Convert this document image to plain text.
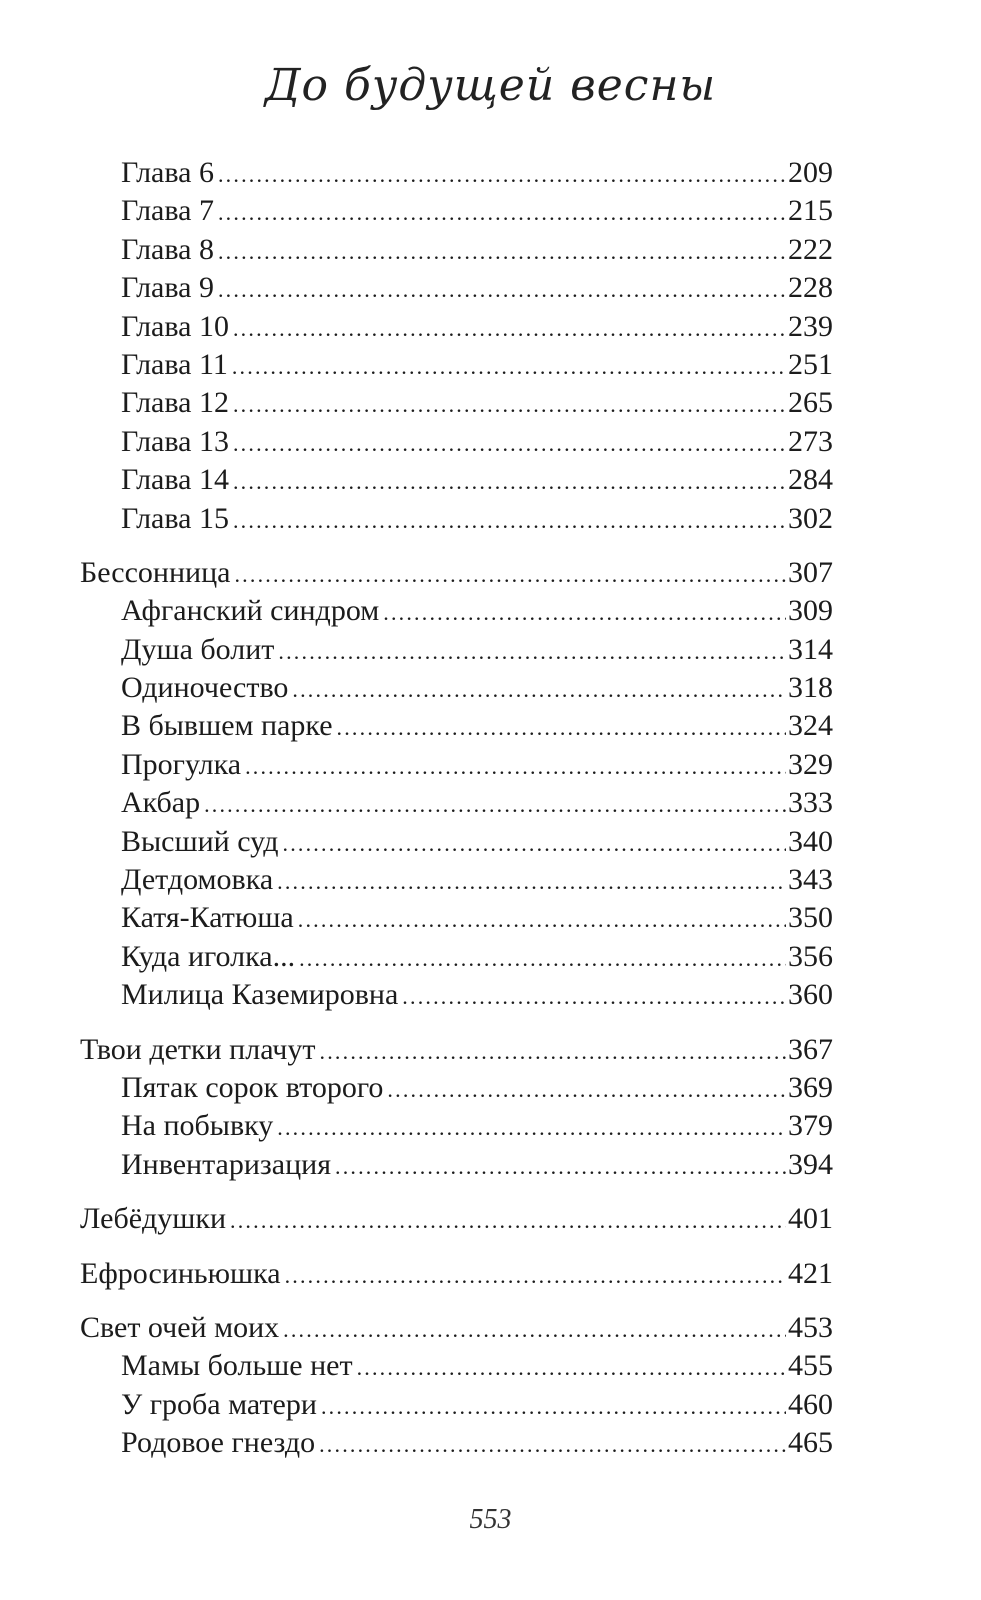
До будущей весны
Глава 6 .....	209
Глава 7 .....	215
Глава 8 .....	222
Глава 9 .....	228
Глава 10 .....	239
Глава 11 .....	251
Глава 12 .....	265
Глава 13 .....	273
Глава 14 .....	284
Глава 15 .....	302
Бессонница .....	307
Афганский синдром .....	309
Душа болит .....	314
Одиночество .....	318
В бывшем парке .....	324
Прогулка .....	329
Акбар .....	333
Высший суд .....	340
Детдомовка .....	343
Катя-Катюша .....	350
Куда иголка... .....	356
Милица Каземировна .....	360
Твои детки плачут .....	367
Пятак сорок второго .....	369
На побывку .....	379
Инвентаризация .....	394
Лебёдушки .....	401
Ефросиньюшка .....	421
Свет очей моих .....	453
Мамы больше нет .....	455
У гроба матери .....	460
Родовое гнездо .....	465
553
